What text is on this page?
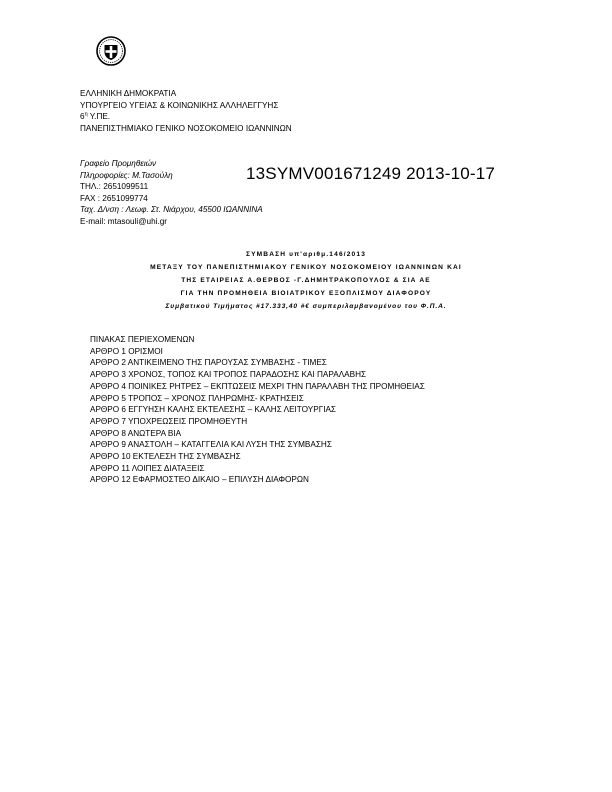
ΕΛΛΗΝΙΚΗ ΔΗΜΟΚΡΑΤΙΑ
ΥΠΟΥΡΓΕΙΟ ΥΓΕΙΑΣ & ΚΟΙΝΩΝΙΚΗΣ ΑΛΛΗΛΕΓΓΥΗΣ
$6^\eta$ Υ.ΠΕ.
ΠΑΝΕΠΙΣΤΗΜΙΑΚΟ ΓΕΝΙΚΟ ΝΟΣΟΚΟΜΕΙΟ ΙΩΑΝΝΙΝΩΝ
Γραφείο Προμηθειών
Πληροφορίες: Μ.Τασούλη
ΤΗΛ.: 2651099511
FAX : 2651099774
Ταχ. Δ/νση : Λεωφ. Στ. Νιάρχου, 45500 ΙΩΑΝΝΙΝΑ
E-mail: mtasouli@uhi.gr
13SYMV001671249 2013-10-17
ΣΥΜΒΑΣΗ υπ'αριθμ.146/2013
ΜΕΤΑΞΥ ΤΟΥ ΠΑΝΕΠΙΣΤΗΜΙΑΚΟΥ ΓΕΝΙΚΟΥ ΝΟΣΟΚΟΜΕΙΟΥ ΙΩΑΝΝΙΝΩΝ ΚΑΙ
ΤΗΣ ΕΤΑΙΡΕΙΑΣ Α.ΘΕΡΒΟΣ -Γ.ΔΗΜΗΤΡΑΚΟΠΟΥΛΟΣ & ΣΙΑ ΑΕ
ΓΙΑ ΤΗΝ ΠΡΟΜΗΘΕΙΑ ΒΙΟΙΑΤΡΙΚΟΥ ΕΞΟΠΛΙΣΜΟΥ ΔΙΑΦΟΡΟΥ
Συμβατικού Τιμήματος #17.333,40 #€ συμπεριλαμβανομένου του Φ.Π.Α.
ΠΙΝΑΚΑΣ ΠΕΡΙΕΧΟΜΕΝΩΝ
ΑΡΘΡΟ 1 ΟΡΙΣΜΟΙ
ΑΡΘΡΟ 2 ΑΝΤΙΚΕΙΜΕΝΟ ΤΗΣ ΠΑΡΟΥΣΑΣ ΣΥΜΒΑΣΗΣ - ΤΙΜΕΣ
ΑΡΘΡΟ 3 ΧΡΟΝΟΣ, ΤΟΠΟΣ ΚΑΙ ΤΡΟΠΟΣ ΠΑΡΑΔΟΣΗΣ ΚΑΙ ΠΑΡΑΛΑΒΗΣ
ΑΡΘΡΟ 4 ΠΟΙΝΙΚΕΣ ΡΗΤΡΕΣ – ΕΚΠΤΩΣΕΙΣ ΜΕΧΡΙ ΤΗΝ ΠΑΡΑΛΑΒΗ ΤΗΣ ΠΡΟΜΗΘΕΙΑΣ
ΑΡΘΡΟ 5 ΤΡΟΠΟΣ – ΧΡΟΝΟΣ ΠΛΗΡΩΜΗΣ- ΚΡΑΤΗΣΕΙΣ
ΑΡΘΡΟ 6 ΕΓΓΥΗΣΗ ΚΑΛΗΣ ΕΚΤΕΛΕΣΗΣ – ΚΑΛΗΣ ΛΕΙΤΟΥΡΓΙΑΣ
ΑΡΘΡΟ 7 ΥΠΟΧΡΕΩΣΕΙΣ ΠΡΟΜΗΘΕΥΤΗ
ΑΡΘΡΟ 8 ΑΝΩΤΕΡΑ ΒΙΑ
ΑΡΘΡΟ 9 ΑΝΑΣΤΟΛΗ – ΚΑΤΑΓΓΕΛΙΑ ΚΑΙ ΛΥΣΗ ΤΗΣ ΣΥΜΒΑΣΗΣ
ΑΡΘΡΟ 10 ΕΚΤΕΛΕΣΗ ΤΗΣ ΣΥΜΒΑΣΗΣ
ΑΡΘΡΟ 11 ΛΟΙΠΕΣ ΔΙΑΤΑΞΕΙΣ
ΑΡΘΡΟ 12 ΕΦΑΡΜΟΣΤΕΟ ΔΙΚΑΙΟ – ΕΠΙΛΥΣΗ ΔΙΑΦΟΡΩΝ
